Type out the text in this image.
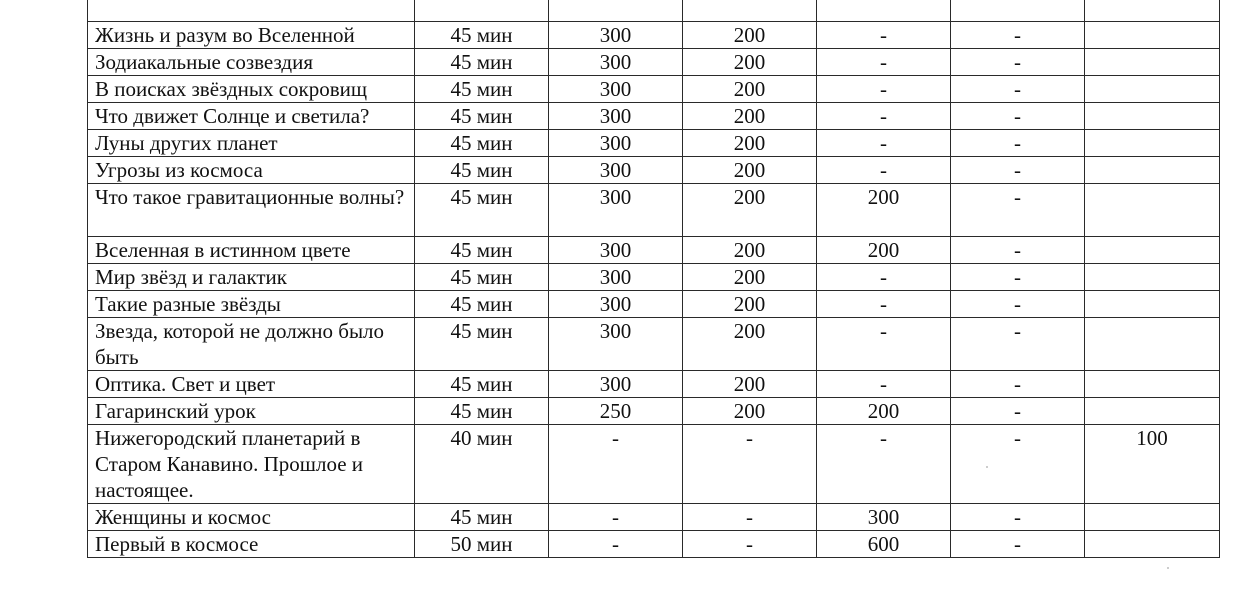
Жизнь и разум во Вселенной	45 мин	300	200	-	-	
Зодиакальные созвездия	45 мин	300	200	-	-	
В поисках звёздных сокровищ	45 мин	300	200	-	-	
Что движет Солнце и светила?	45 мин	300	200	-	-	
Луны других планет	45 мин	300	200	-	-	
Угрозы из космоса	45 мин	300	200	-	-	
Что такое гравитационные волны?	45 мин	300	200	200	-	
Вселенная в истинном цвете	45 мин	300	200	200	-	
Мир звёзд и галактик	45 мин	300	200	-	-	
Такие разные звёзды	45 мин	300	200	-	-	
Звезда, которой не должно было быть	45 мин	300	200	-	-	
Оптика. Свет и цвет	45 мин	300	200	-	-	
Гагаринский урок	45 мин	250	200	200	-	
Нижегородский планетарий в Старом Канавино. Прошлое и настоящее.	40 мин	-	-	-	-	100
Женщины и космос	45 мин	-	-	300	-	
Первый в космосе	50 мин	-	-	600	-	
